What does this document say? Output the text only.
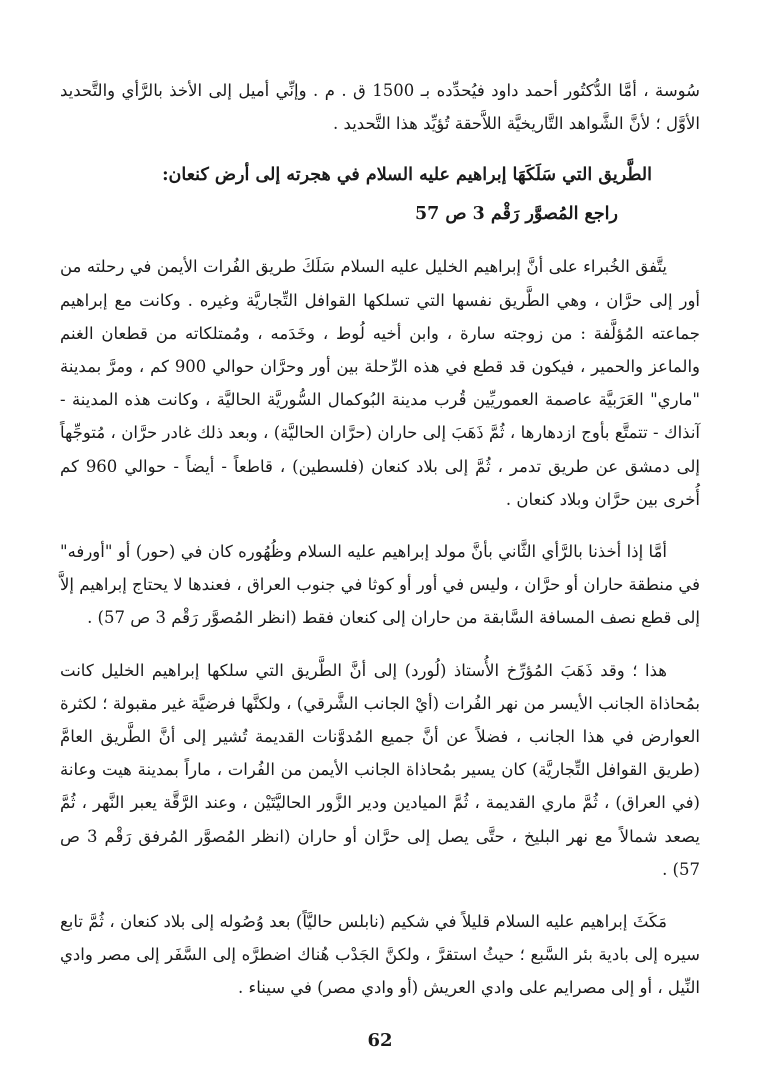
سُوسة ، أمَّا الدُّكتُور أحمد داود فيُحدِّده بـ 1500 ق . م . وإنِّي أميل إلى الأخذ بالرَّأي والتَّحديد الأوَّل ؛ لأنَّ الشَّواهد التَّاريخيَّة اللاَّحقة تُؤيِّد هذا التَّحديد .

الطَّريق التي سَلَكَهَا إبراهيم عليه السلام في هجرته إلى أرض كنعان:

راجع المُصوَّر رَقْم 3 ص 57

يتَّفق الخُبراء على أنَّ إبراهيم الخليل عليه السلام سَلَكَ طريق الفُرات الأيمن في رحلته من أور إلى حرَّان ، وهي الطَّريق نفسها التي تسلكها القوافل التِّجاريَّة وغيره . وكانت مع إبراهيم جماعته المُؤلَّفة : من زوجته سارة ، وابن أخيه لُوط ، وخَدَمه ، ومُمتلكاته من قطعان الغنم والماعز والحمير ، فيكون قد قطع في هذه الرِّحلة بين أور وحرَّان حوالي 900 كم ، ومرَّ بمدينة "ماري" العَرَبيَّة عاصمة العموريِّين قُرب مدينة البُوكمال السُّوريَّة الحاليَّة ، وكانت هذه المدينة - آنذاك - تتمتَّع بأوج ازدهارها ، ثُمَّ ذَهَبَ إلى حاران (حرَّان الحاليَّة) ، وبعد ذلك غادر حرَّان ، مُتوجِّهاً إلى دمشق عن طريق تدمر ، ثُمَّ إلى بلاد كنعان (فلسطين) ، قاطعاً - أيضاً - حوالي 960 كم أُخرى بين حرَّان وبلاد كنعان .

أمَّا إذا أخذنا بالرَّأي الثَّاني بأنَّ مولد إبراهيم عليه السلام وظُهُوره كان في (حور) أو "أورفه" في منطقة حاران أو حرَّان ، وليس في أور أو كوثا في جنوب العراق ، فعندها لا يحتاج إبراهيم إلاَّ إلى قطع نصف المسافة السَّابقة من حاران إلى كنعان فقط (انظر المُصوَّر رَقْم 3 ص 57) .

هذا ؛ وقد ذَهَبَ المُؤرِّخ الأُستاذ (لُورد) إلى أنَّ الطَّريق التي سلكها إبراهيم الخليل كانت بمُحاذاة الجانب الأيسر من نهر الفُرات (أيْ الجانب الشَّرقي) ، ولكنَّها فرضيَّة غير مقبولة ؛ لكثرة العوارض في هذا الجانب ، فضلاً عن أنَّ جميع المُدوَّنات القديمة تُشير إلى أنَّ الطَّريق العامَّ (طريق القوافل التِّجاريَّة) كان يسير بمُحاذاة الجانب الأيمن من الفُرات ، ماراً بمدينة هيت وعانة (في العراق) ، ثُمَّ ماري القديمة ، ثُمَّ الميادين ودير الزَّور الحاليَّتَيْن ، وعند الرَّقَّة يعبر النَّهر ، ثُمَّ يصعد شمالاً مع نهر البليخ ، حتَّى يصل إلى حرَّان أو حاران (انظر المُصوَّر المُرفق رَقْم 3 ص 57) .

مَكَثَ إبراهيم عليه السلام قليلاً في شكيم (نابلس حاليَّاً) بعد وُصُوله إلى بلاد كنعان ، ثُمَّ تابع سيره إلى بادية بئر السَّبع ؛ حيثُ استقرَّ ، ولكنَّ الجَدْب هُناك اضطرَّه إلى السَّفَر إلى مصر وادي النِّيل ، أو إلى مصرايم على وادي العريش (أو وادي مصر) في سيناء .

62
